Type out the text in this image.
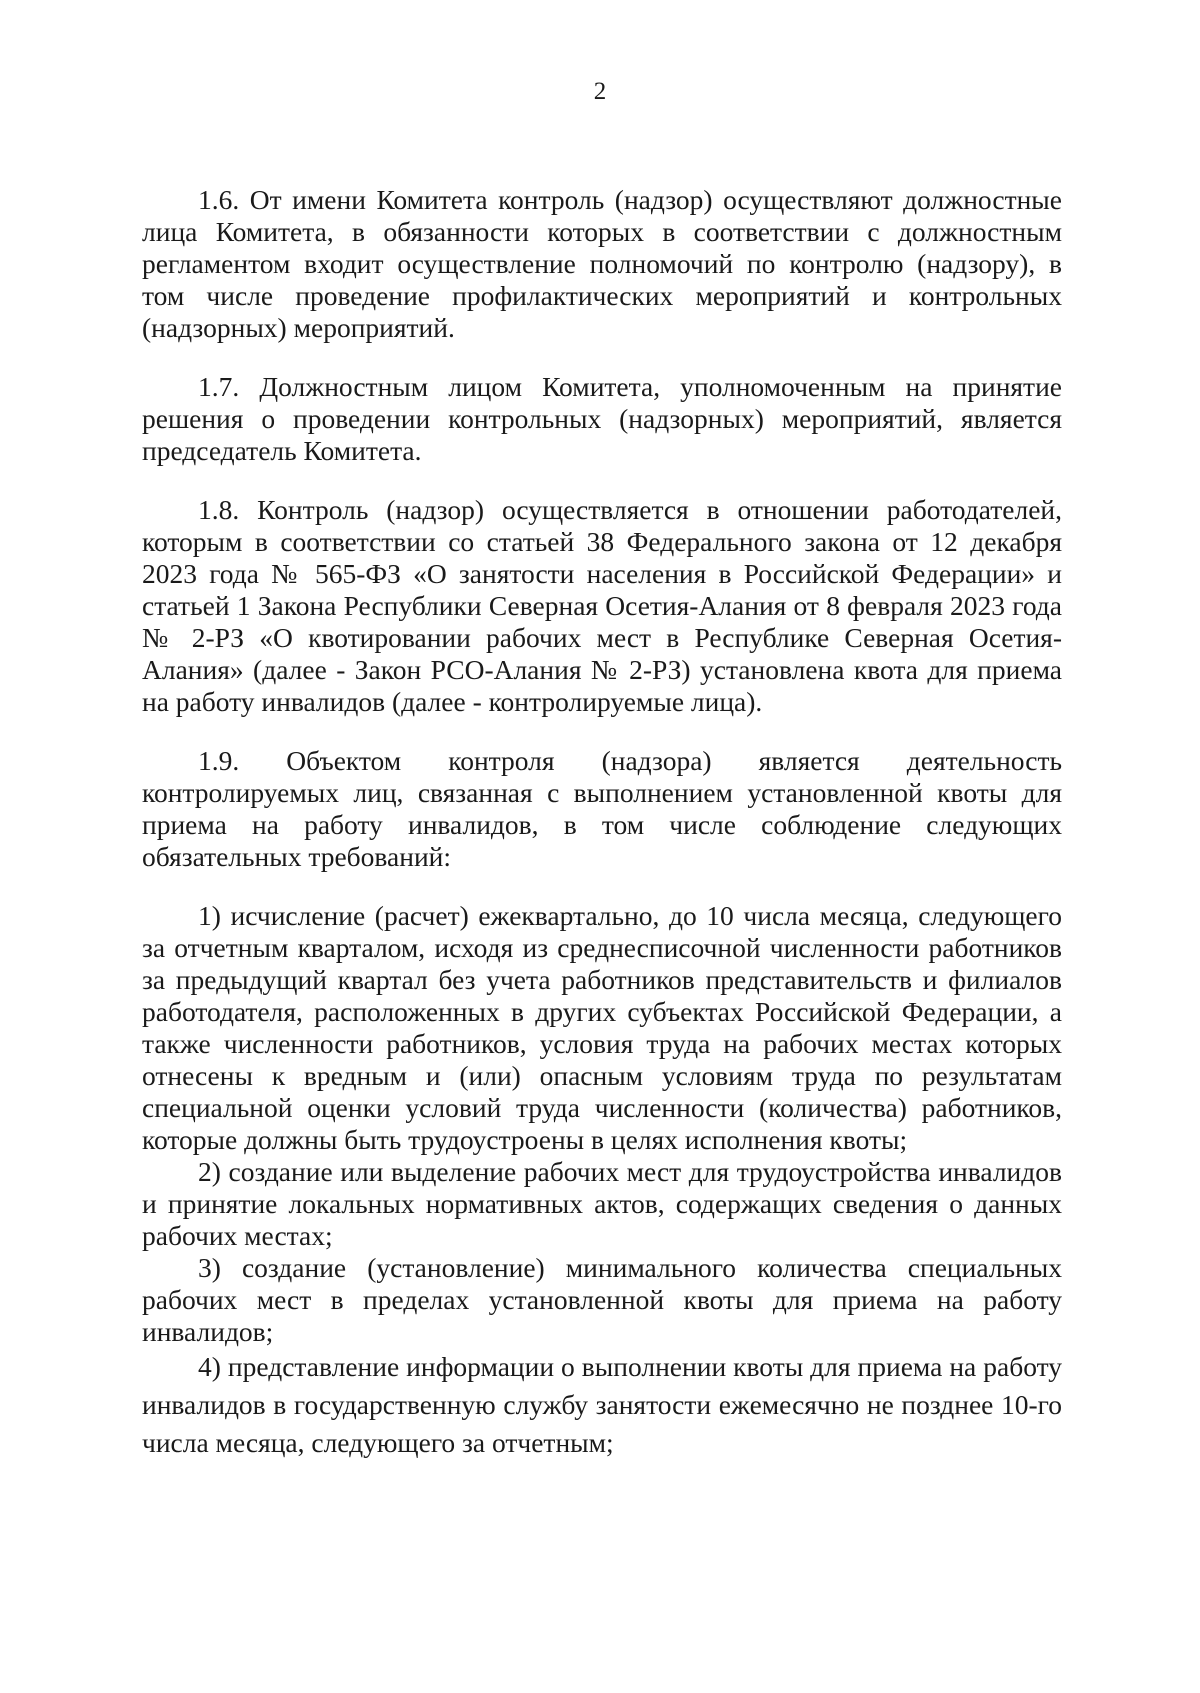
2

1.6. От имени Комитета контроль (надзор) осуществляют должностные лица Комитета, в обязанности которых в соответствии с должностным регламентом входит осуществление полномочий по контролю (надзору), в том числе проведение профилактических мероприятий и контрольных (надзорных) мероприятий.

1.7. Должностным лицом Комитета, уполномоченным на принятие решения о проведении контрольных (надзорных) мероприятий, является председатель Комитета.

1.8. Контроль (надзор) осуществляется в отношении работодателей, которым в соответствии со статьей 38 Федерального закона от 12 декабря 2023 года № 565-ФЗ «О занятости населения в Российской Федерации» и статьей 1 Закона Республики Северная Осетия-Алания от 8 февраля 2023 года № 2-РЗ «О квотировании рабочих мест в Республике Северная Осетия-Алания» (далее - Закон РСО-Алания № 2-РЗ) установлена квота для приема на работу инвалидов (далее - контролируемые лица).

1.9. Объектом контроля (надзора) является деятельность контролируемых лиц, связанная с выполнением установленной квоты для приема на работу инвалидов, в том числе соблюдение следующих обязательных требований:

1) исчисление (расчет) ежеквартально, до 10 числа месяца, следующего за отчетным кварталом, исходя из среднесписочной численности работников за предыдущий квартал без учета работников представительств и филиалов работодателя, расположенных в других субъектах Российской Федерации, а также численности работников, условия труда на рабочих местах которых отнесены к вредным и (или) опасным условиям труда по результатам специальной оценки условий труда численности (количества) работников, которые должны быть трудоустроены в целях исполнения квоты;

2) создание или выделение рабочих мест для трудоустройства инвалидов и принятие локальных нормативных актов, содержащих сведения о данных рабочих местах;

3) создание (установление) минимального количества специальных рабочих мест в пределах установленной квоты для приема на работу инвалидов;

4) представление информации о выполнении квоты для приема на работу инвалидов в государственную службу занятости ежемесячно не позднее 10-го числа месяца, следующего за отчетным;
